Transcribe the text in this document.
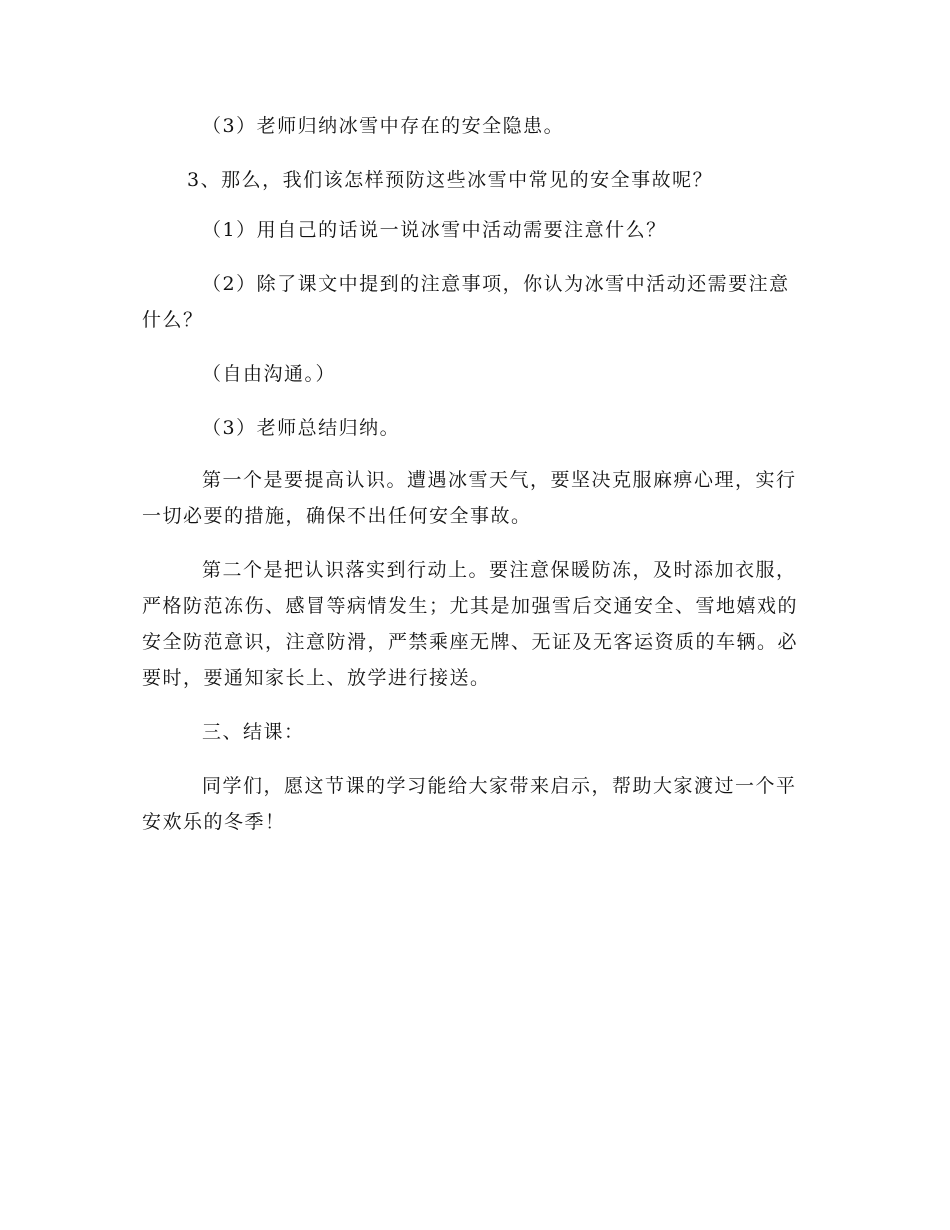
（3）老师归纳冰雪中存在的安全隐患。

3、那么，我们该怎样预防这些冰雪中常见的安全事故呢？

（1）用自己的话说一说冰雪中活动需要注意什么？

（2）除了课文中提到的注意事项，你认为冰雪中活动还需要注意什么？

（自由沟通。）

（3）老师总结归纳。

第一个是要提高认识。遭遇冰雪天气，要坚决克服麻痹心理，实行一切必要的措施，确保不出任何安全事故。

第二个是把认识落实到行动上。要注意保暖防冻，及时添加衣服，严格防范冻伤、感冒等病情发生；尤其是加强雪后交通安全、雪地嬉戏的安全防范意识，注意防滑，严禁乘座无牌、无证及无客运资质的车辆。必要时，要通知家长上、放学进行接送。

三、结课：

同学们，愿这节课的学习能给大家带来启示，帮助大家渡过一个平安欢乐的冬季！
